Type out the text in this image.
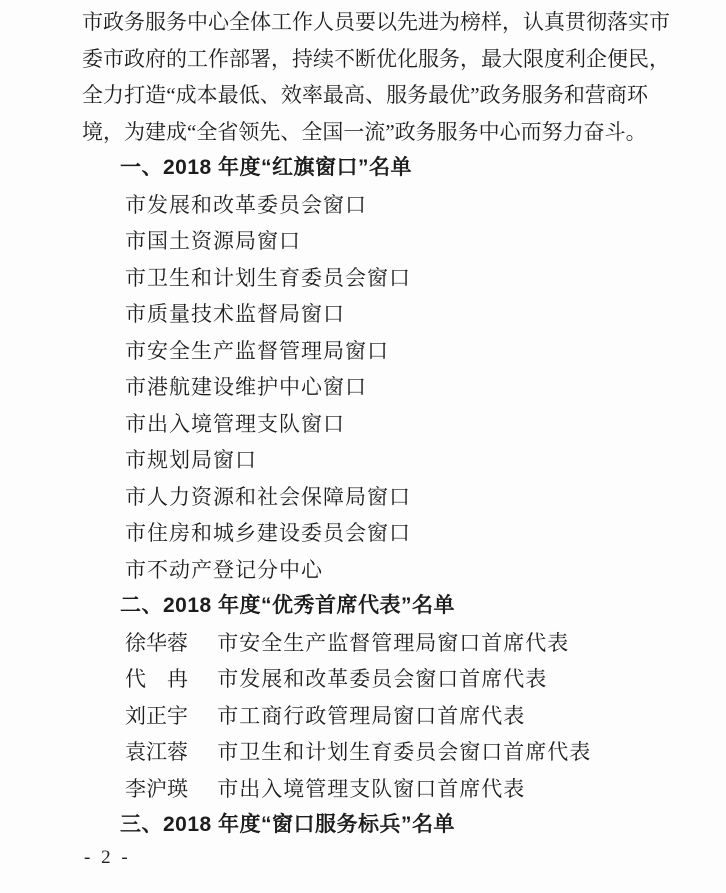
市政务服务中心全体工作人员要以先进为榜样，认真贯彻落实市
委市政府的工作部署，持续不断优化服务，最大限度利企便民，
全力打造“成本最低、效率最高、服务最优”政务服务和营商环
境，为建成“全省领先、全国一流”政务服务中心而努力奋斗。
一、2018 年度“红旗窗口”名单
市发展和改革委员会窗口
市国土资源局窗口
市卫生和计划生育委员会窗口
市质量技术监督局窗口
市安全生产监督管理局窗口
市港航建设维护中心窗口
市出入境管理支队窗口
市规划局窗口
市人力资源和社会保障局窗口
市住房和城乡建设委员会窗口
市不动产登记分中心
二、2018 年度“优秀首席代表”名单
徐华蓉 市安全生产监督管理局窗口首席代表
代　冉 市发展和改革委员会窗口首席代表
刘正宇 市工商行政管理局窗口首席代表
袁江蓉 市卫生和计划生育委员会窗口首席代表
李沪瑛 市出入境管理支队窗口首席代表
三、2018 年度“窗口服务标兵”名单
- 2 -
